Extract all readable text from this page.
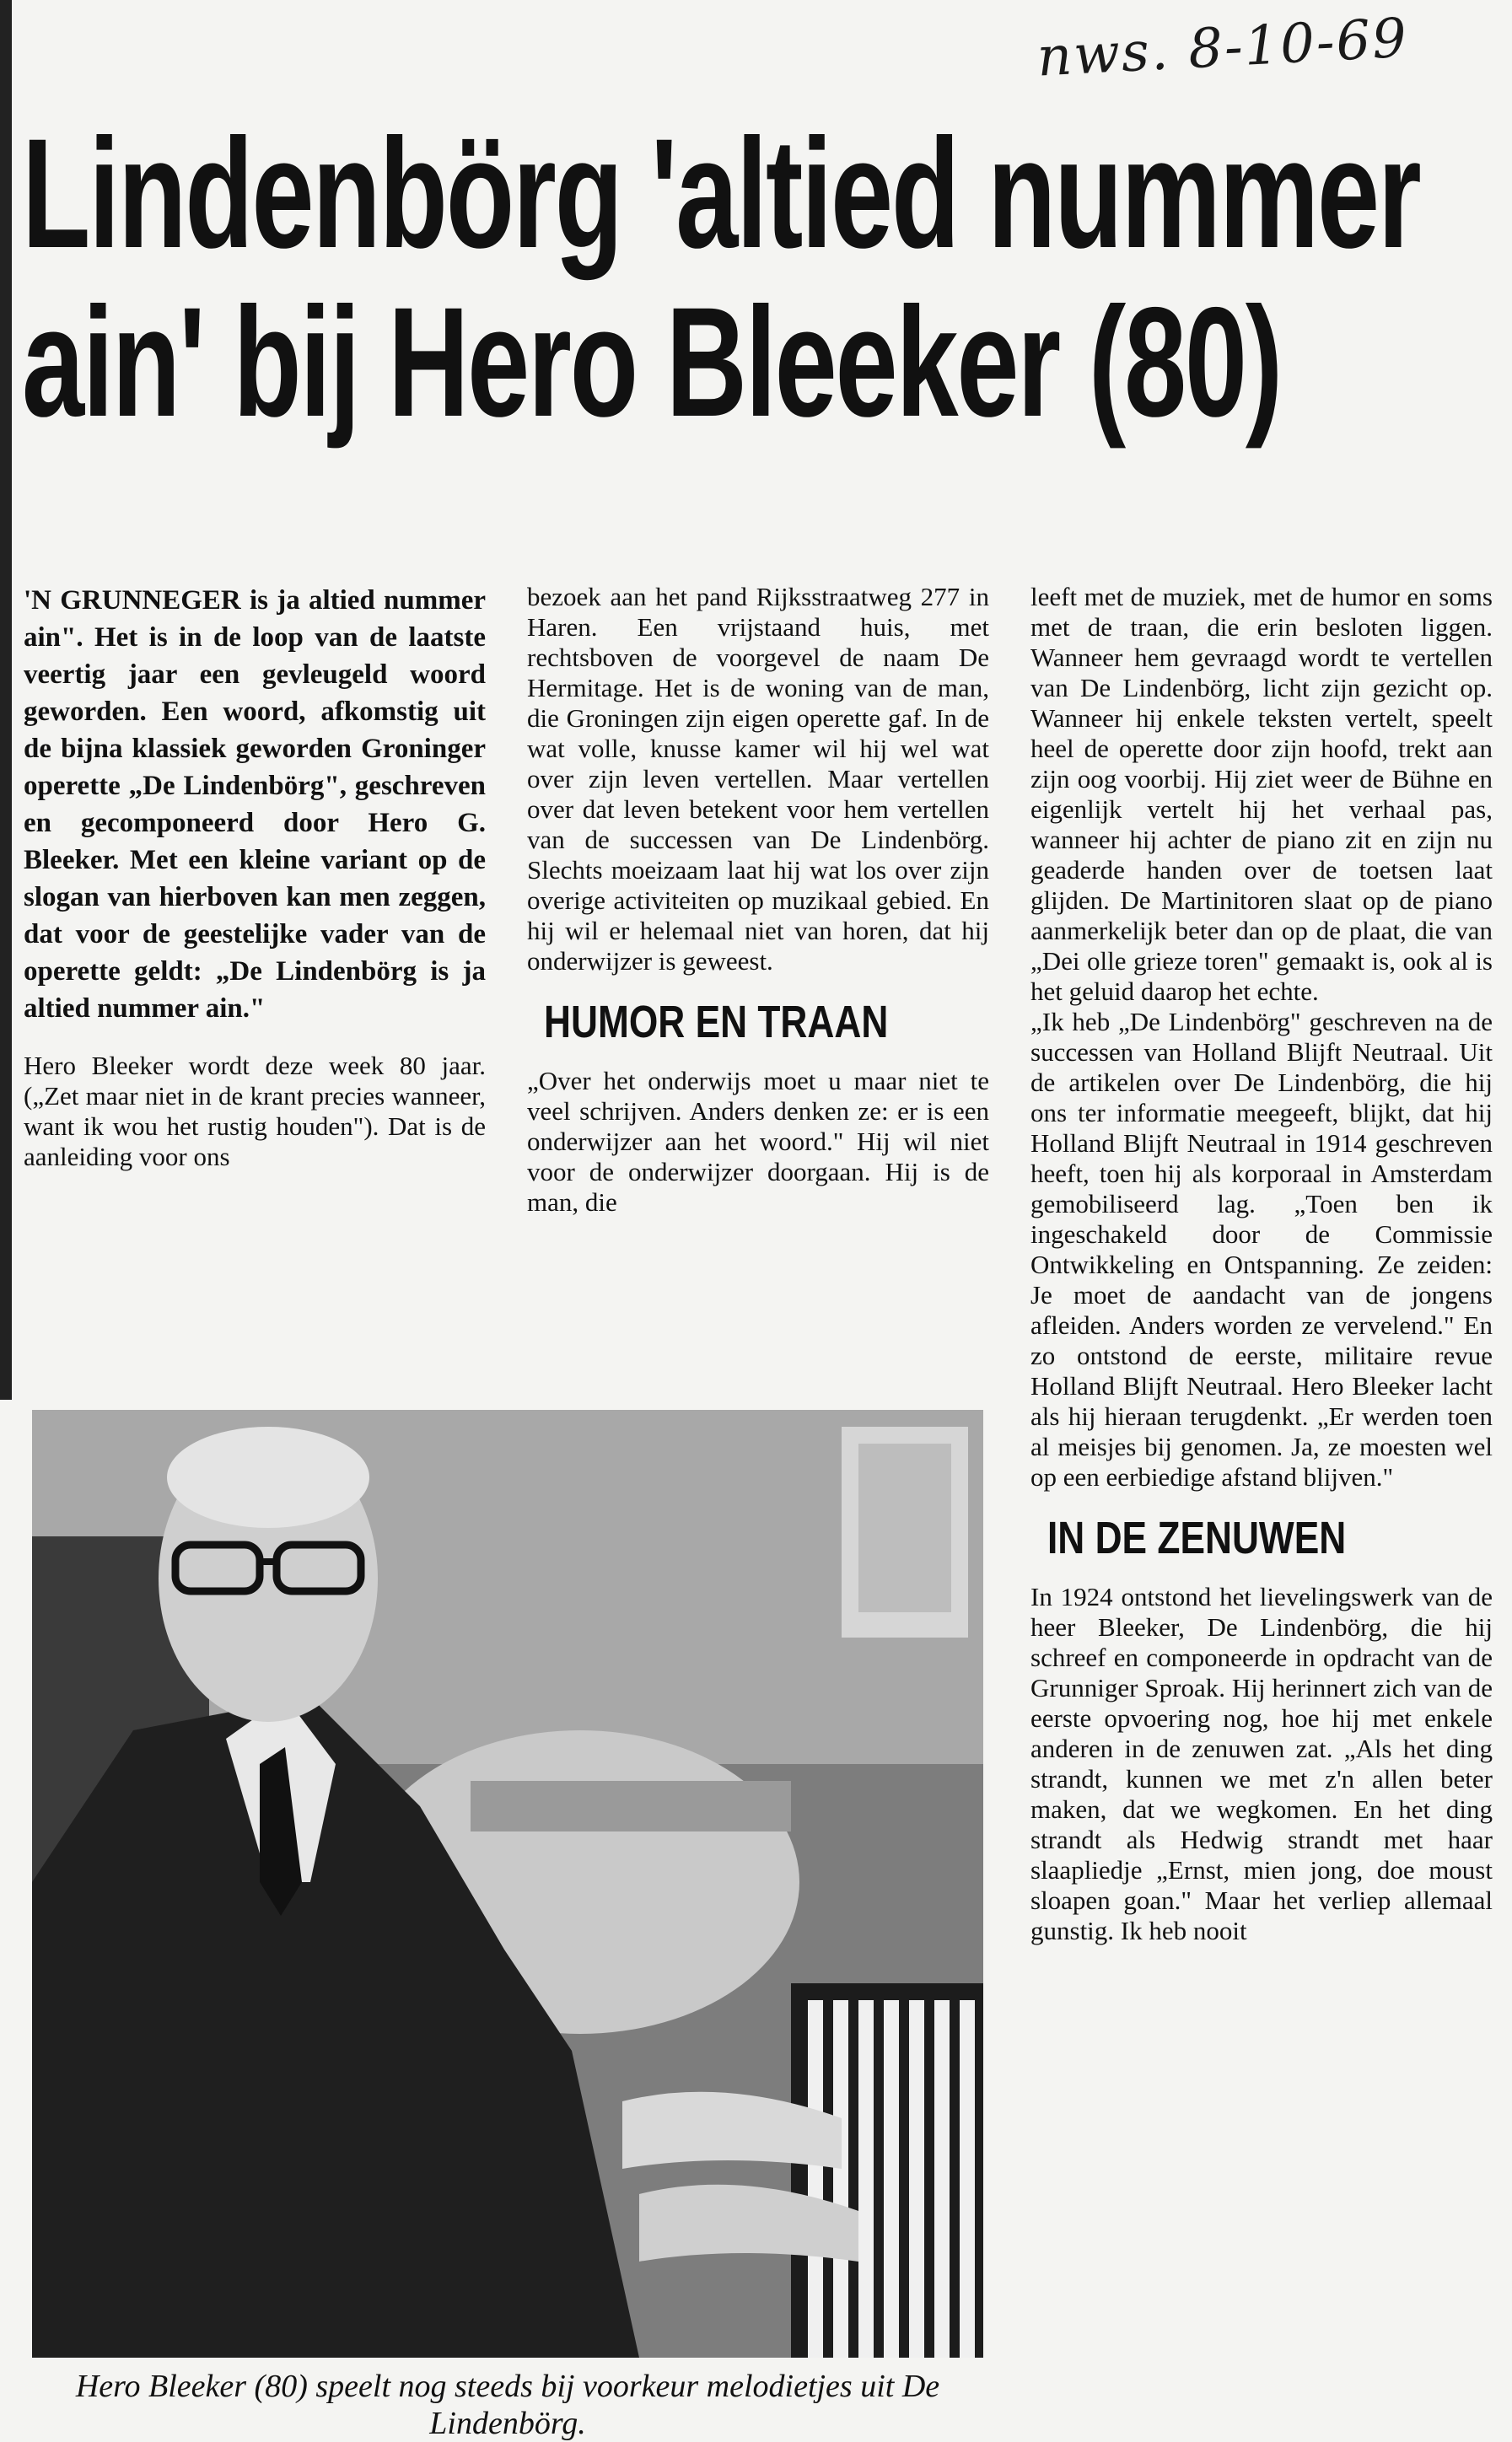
nws. 8-10-69
Lindenbörg 'altied nummer
ain' bij Hero Bleeker (80)

'N GRUNNEGER is ja altied nummer ain". Het is in de loop van de laatste veertig jaar een gevleugeld woord geworden. Een woord, afkomstig uit de bijna klassiek geworden Groninger operette „De Lindenbörg", geschreven en gecomponeerd door Hero G. Bleeker. Met een kleine variant op de slogan van hierboven kan men zeggen, dat voor de geestelijke vader van de operette geldt: „De Lindenbörg is ja altied nummer ain."

Hero Bleeker wordt deze week 80 jaar. („Zet maar niet in de krant precies wanneer, want ik wou het rustig houden"). Dat is de aanleiding voor ons

bezoek aan het pand Rijksstraatweg 277 in Haren. Een vrijstaand huis, met rechtsboven de voorgevel de naam De Hermitage. Het is de woning van de man, die Groningen zijn eigen operette gaf. In de wat volle, knusse kamer wil hij wel wat over zijn leven vertellen. Maar vertellen over dat leven betekent voor hem vertellen van de successen van De Lindenbörg. Slechts moeizaam laat hij wat los over zijn overige activiteiten op muzikaal gebied. En hij wil er helemaal niet van horen, dat hij onderwijzer is geweest.

HUMOR EN TRAAN

„Over het onderwijs moet u maar niet te veel schrijven. Anders denken ze: er is een onderwijzer aan het woord." Hij wil niet voor de onderwijzer doorgaan. Hij is de man, die

leeft met de muziek, met de humor en soms met de traan, die erin besloten liggen. Wanneer hem gevraagd wordt te vertellen van De Lindenbörg, licht zijn gezicht op. Wanneer hij enkele teksten vertelt, speelt heel de operette door zijn hoofd, trekt aan zijn oog voorbij. Hij ziet weer de Bühne en eigenlijk vertelt hij het verhaal pas, wanneer hij achter de piano zit en zijn nu geaderde handen over de toetsen laat glijden. De Martinitoren slaat op de piano aanmerkelijk beter dan op de plaat, die van „Dei olle grieze toren" gemaakt is, ook al is het geluid daarop het echte.

„Ik heb „De Lindenbörg" geschreven na de successen van Holland Blijft Neutraal. Uit de artikelen over De Lindenbörg, die hij ons ter informatie meegeeft, blijkt, dat hij Holland Blijft Neutraal in 1914 geschreven heeft, toen hij als korporaal in Amsterdam gemobiliseerd lag. „Toen ben ik ingeschakeld door de Commissie Ontwikkeling en Ontspanning. Ze zeiden: Je moet de aandacht van de jongens afleiden. Anders worden ze vervelend." En zo ontstond de eerste, militaire revue Holland Blijft Neutraal. Hero Bleeker lacht als hij hieraan terugdenkt. „Er werden toen al meisjes bij genomen. Ja, ze moesten wel op een eerbiedige afstand blijven."

IN DE ZENUWEN

In 1924 ontstond het lievelingswerk van de heer Bleeker, De Lindenbörg, die hij schreef en componeerde in opdracht van de Grunniger Sproak. Hij herinnert zich van de eerste opvoering nog, hoe hij met enkele anderen in de zenuwen zat. „Als het ding strandt, kunnen we met z'n allen beter maken, dat we wegkomen. En het ding strandt als Hedwig strandt met haar slaapliedje „Ernst, mien jong, doe moust sloapen goan." Maar het verliep allemaal gunstig. Ik heb nooit

Hero Bleeker (80) speelt nog steeds bij voorkeur melodietjes uit De Lindenbörg.
